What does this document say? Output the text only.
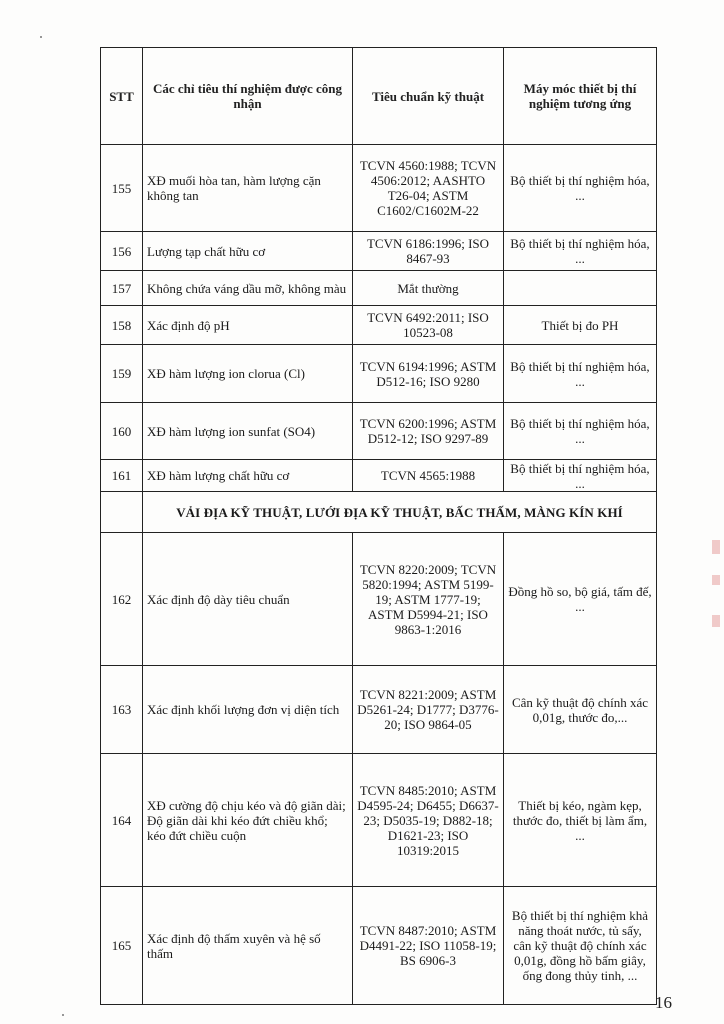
STT	Các chỉ tiêu thí nghiệm được công nhận	Tiêu chuẩn kỹ thuật	Máy móc thiết bị thí nghiệm tương ứng
155	XĐ muối hòa tan, hàm lượng cặn không tan	TCVN 4560:1988; TCVN 4506:2012; AASHTO T26-04; ASTM C1602/C1602M-22	Bộ thiết bị thí nghiệm hóa, ...
156	Lượng tạp chất hữu cơ	TCVN 6186:1996; ISO 8467-93	Bộ thiết bị thí nghiệm hóa, ...
157	Không chứa váng dầu mỡ, không màu	Mắt thường	
158	Xác định độ pH	TCVN 6492:2011; ISO 10523-08	Thiết bị đo PH
159	XĐ hàm lượng ion clorua (Cl)	TCVN 6194:1996; ASTM D512-16; ISO 9280	Bộ thiết bị thí nghiệm hóa, ...
160	XĐ hàm lượng ion sunfat (SO4)	TCVN 6200:1996; ASTM D512-12; ISO 9297-89	Bộ thiết bị thí nghiệm hóa, ...
161	XĐ hàm lượng chất hữu cơ	TCVN 4565:1988	Bộ thiết bị thí nghiệm hóa, ...
	VẢI ĐỊA KỸ THUẬT, LƯỚI ĐỊA KỸ THUẬT, BẤC THẤM, MÀNG KÍN KHÍ		
162	Xác định độ dày tiêu chuẩn	TCVN 8220:2009; TCVN 5820:1994; ASTM 5199-19; ASTM 1777-19; ASTM D5994-21; ISO 9863-1:2016	Đồng hồ so, bộ giá, tấm đế, ...
163	Xác định khối lượng đơn vị diện tích	TCVN 8221:2009; ASTM D5261-24; D1777; D3776-20; ISO 9864-05	Cân kỹ thuật độ chính xác 0,01g, thước đo,...
164	XĐ cường độ chịu kéo và độ giãn dài; Độ giãn dài khi kéo đứt chiều khổ; kéo đứt chiều cuộn	TCVN 8485:2010; ASTM D4595-24; D6455; D6637-23; D5035-19; D882-18; D1621-23; ISO 10319:2015	Thiết bị kéo, ngàm kẹp, thước đo, thiết bị làm ẩm, ...
165	Xác định độ thấm xuyên và hệ số thấm	TCVN 8487:2010; ASTM D4491-22; ISO 11058-19; BS 6906-3	Bộ thiết bị thí nghiệm khả năng thoát nước, tủ sấy, cân kỹ thuật độ chính xác 0,01g, đồng hồ bấm giây, ống đong thủy tinh, ...
16
